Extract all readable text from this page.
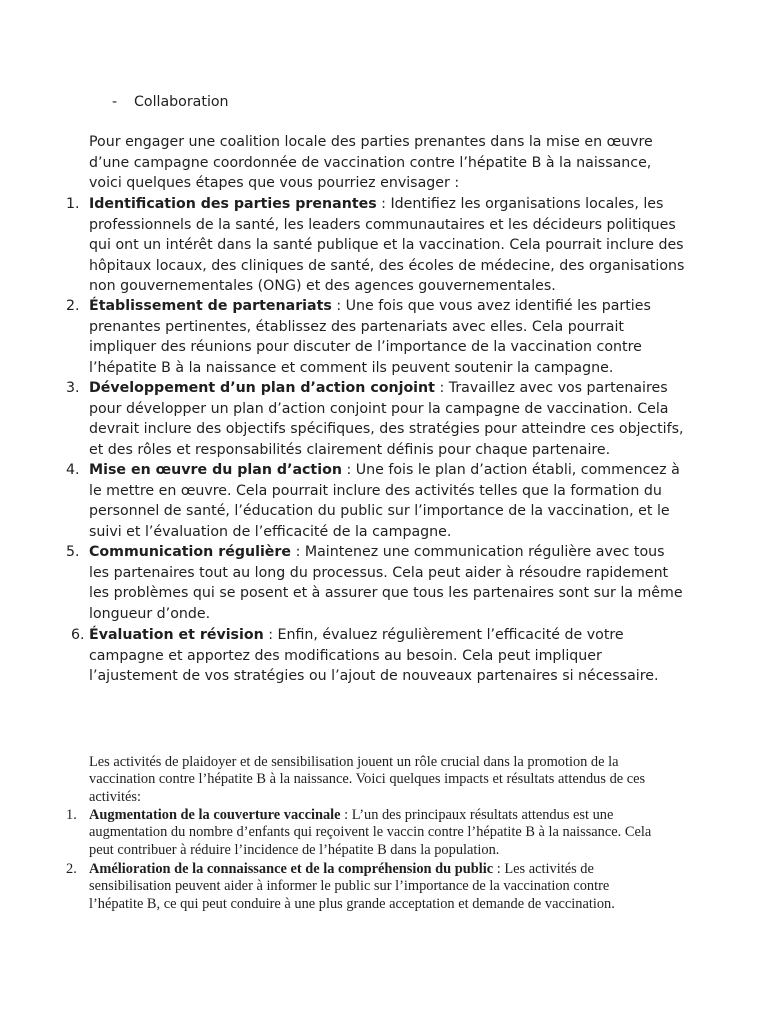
- Collaboration
Pour engager une coalition locale des parties prenantes dans la mise en œuvre d’une campagne coordonnée de vaccination contre l’hépatite B à la naissance, voici quelques étapes que vous pourriez envisager :
1. Identification des parties prenantes : Identifiez les organisations locales, les professionnels de la santé, les leaders communautaires et les décideurs politiques qui ont un intérêt dans la santé publique et la vaccination. Cela pourrait inclure des hôpitaux locaux, des cliniques de santé, des écoles de médecine, des organisations non gouvernementales (ONG) et des agences gouvernementales.
2. Établissement de partenariats : Une fois que vous avez identifié les parties prenantes pertinentes, établissez des partenariats avec elles. Cela pourrait impliquer des réunions pour discuter de l’importance de la vaccination contre l’hépatite B à la naissance et comment ils peuvent soutenir la campagne.
3. Développement d’un plan d’action conjoint : Travaillez avec vos partenaires pour développer un plan d’action conjoint pour la campagne de vaccination. Cela devrait inclure des objectifs spécifiques, des stratégies pour atteindre ces objectifs, et des rôles et responsabilités clairement définis pour chaque partenaire.
4. Mise en œuvre du plan d’action : Une fois le plan d’action établi, commencez à le mettre en œuvre. Cela pourrait inclure des activités telles que la formation du personnel de santé, l’éducation du public sur l’importance de la vaccination, et le suivi et l’évaluation de l’efficacité de la campagne.
5. Communication régulière : Maintenez une communication régulière avec tous les partenaires tout au long du processus. Cela peut aider à résoudre rapidement les problèmes qui se posent et à assurer que tous les partenaires sont sur la même longueur d’onde.
6. Évaluation et révision : Enfin, évaluez régulièrement l’efficacité de votre campagne et apportez des modifications au besoin. Cela peut impliquer l’ajustement de vos stratégies ou l’ajout de nouveaux partenaires si nécessaire.
Les activités de plaidoyer et de sensibilisation jouent un rôle crucial dans la promotion de la vaccination contre l’hépatite B à la naissance. Voici quelques impacts et résultats attendus de ces activités:
1. Augmentation de la couverture vaccinale : L’un des principaux résultats attendus est une augmentation du nombre d’enfants qui reçoivent le vaccin contre l’hépatite B à la naissance. Cela peut contribuer à réduire l’incidence de l’hépatite B dans la population.
2. Amélioration de la connaissance et de la compréhension du public : Les activités de sensibilisation peuvent aider à informer le public sur l’importance de la vaccination contre l’hépatite B, ce qui peut conduire à une plus grande acceptation et demande de vaccination.
